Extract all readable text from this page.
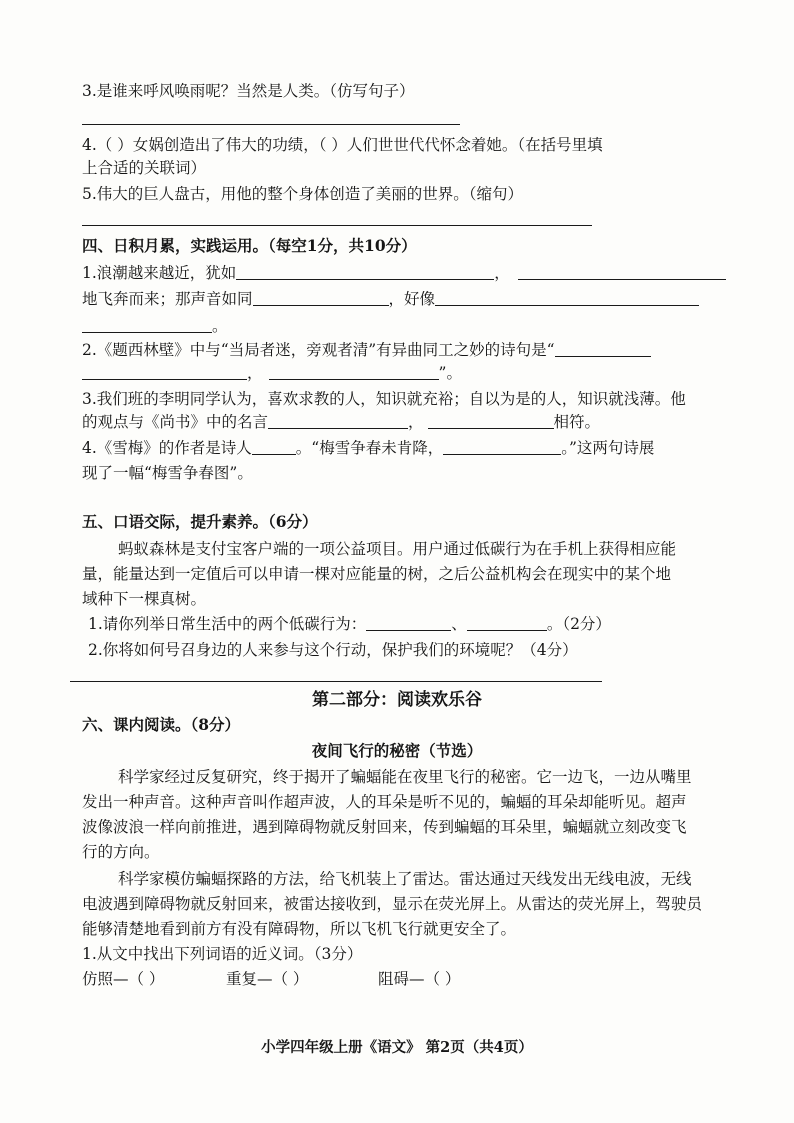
3.是谁来呼风唤雨呢？当然是人类。（仿写句子）
4.（ ）女娲创造出了伟大的功绩，（ ）人们世世代代怀念着她。（在括号里填
上合适的关联词）
5.伟大的巨人盘古，用他的整个身体创造了美丽的世界。（缩句）
四、日积月累，实践运用。（每空1分，共10分）
1.浪潮越来越近，犹如	，
地飞奔而来；那声音如同	，好像
。
2.《题西林壁》中与“当局者迷，旁观者清”有异曲同工之妙的诗句是“
，	”。
3.我们班的李明同学认为，喜欢求教的人，知识就充裕；自以为是的人，知识就浅薄。他
的观点与《尚书》中的名言	，	相符。
4.《雪梅》的作者是诗人	。“梅雪争春未肯降，	。”这两句诗展
现了一幅“梅雪争春图”。
五、口语交际，提升素养。（6分）
蚂蚁森林是支付宝客户端的一项公益项目。用户通过低碳行为在手机上获得相应能
量，能量达到一定值后可以申请一棵对应能量的树，之后公益机构会在现实中的某个地
域种下一棵真树。
1.请你列举日常生活中的两个低碳行为：	、	。（2分）
2.你将如何号召身边的人来参与这个行动，保护我们的环境呢？（4分）
第二部分：阅读欢乐谷
六、课内阅读。（8分）
夜间飞行的秘密（节选）
科学家经过反复研究，终于揭开了蝙蝠能在夜里飞行的秘密。它一边飞，一边从嘴里
发出一种声音。这种声音叫作超声波，人的耳朵是听不见的，蝙蝠的耳朵却能听见。超声
波像波浪一样向前推进，遇到障碍物就反射回来，传到蝙蝠的耳朵里，蝙蝠就立刻改变飞
行的方向。
科学家模仿蝙蝠探路的方法，给飞机装上了雷达。雷达通过天线发出无线电波，无线
电波遇到障碍物就反射回来，被雷达接收到，显示在荧光屏上。从雷达的荧光屏上，驾驶员
能够清楚地看到前方有没有障碍物，所以飞机飞行就更安全了。
1.从文中找出下列词语的近义词。（3分）
仿照—（ ）	重复—（ ）	阻碍—（ ）
小学四年级上册《语文》 第2页（共4页）
